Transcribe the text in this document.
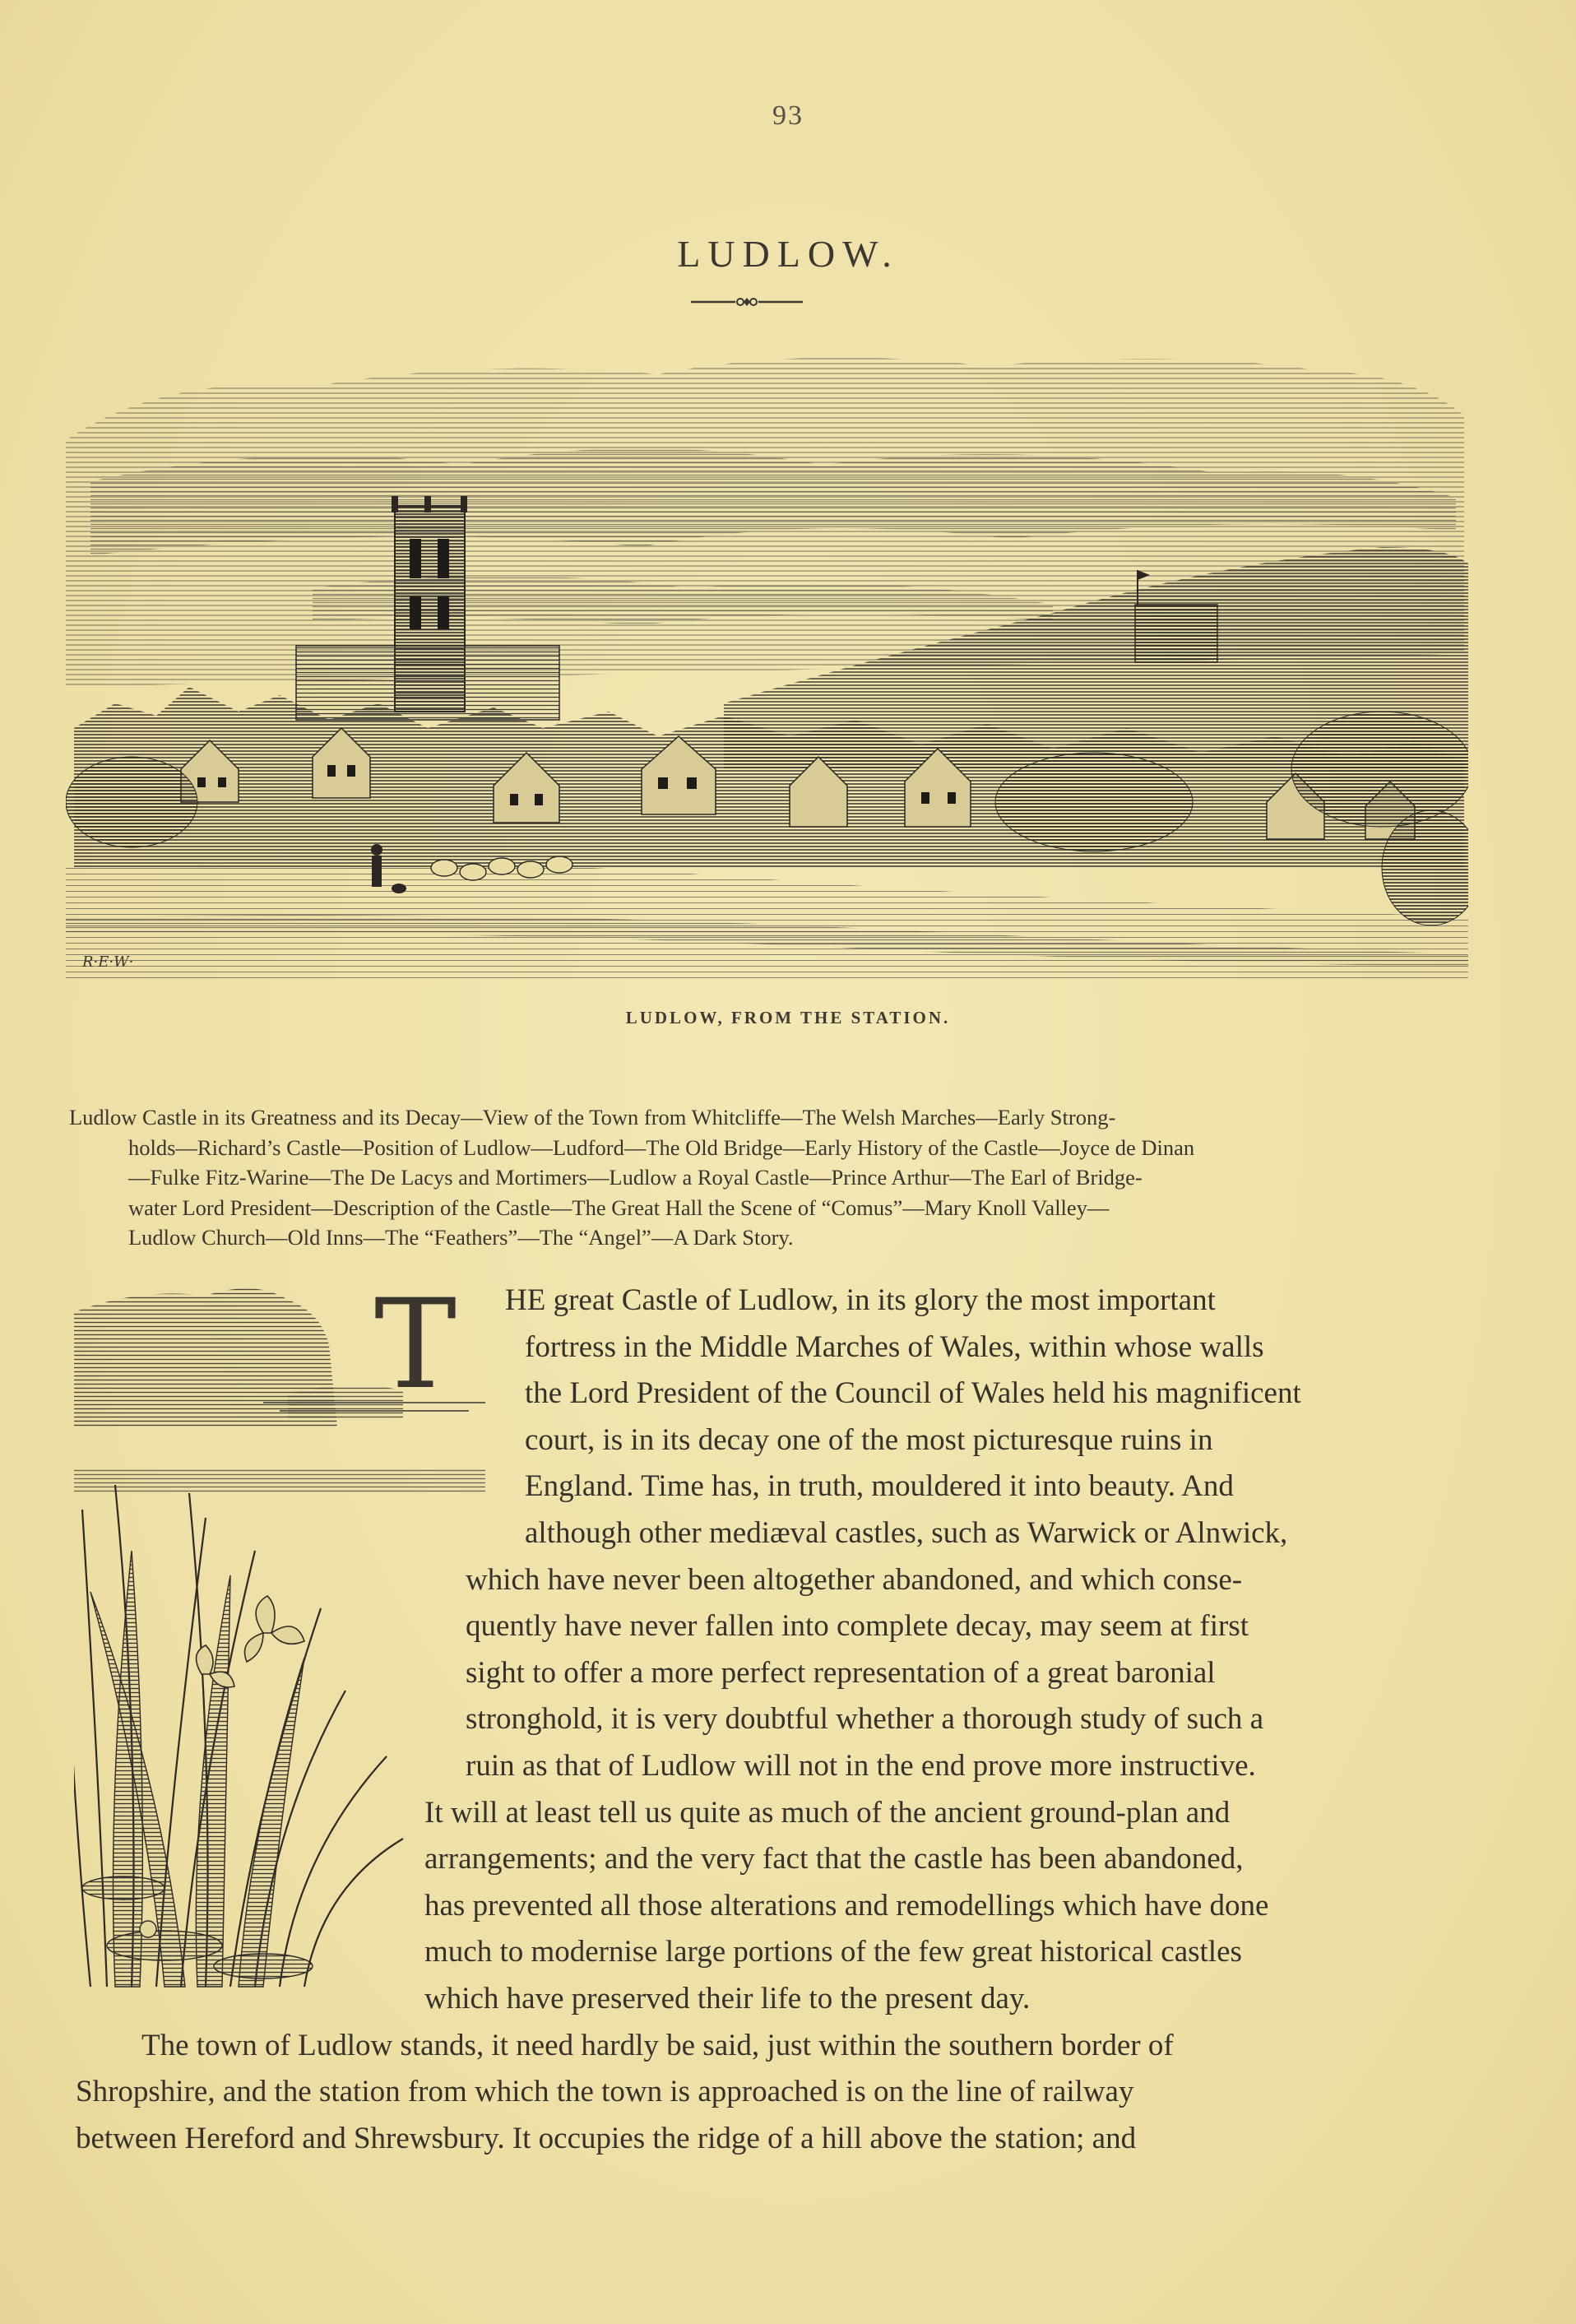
93
LUDLOW.
R·E·W·
LUDLOW, FROM THE STATION.
Ludlow Castle in its Greatness and its Decay—View of the Town from Whitcliffe—The Welsh Marches—Early Strong-
holds—Richard’s Castle—Position of Ludlow—Ludford—The Old Bridge—Early History of the Castle—Joyce de Dinan
—Fulke Fitz-Warine—The De Lacys and Mortimers—Ludlow a Royal Castle—Prince Arthur—The Earl of Bridge-
water Lord President—Description of the Castle—The Great Hall the Scene of “Comus”—Mary Knoll Valley—
Ludlow Church—Old Inns—The “Feathers”—The “Angel”—A Dark Story.
T HE great Castle of Ludlow, in its glory the most important
fortress in the Middle Marches of Wales, within whose walls
the Lord President of the Council of Wales held his magnificent
court, is in its decay one of the most picturesque ruins in
England. Time has, in truth, mouldered it into beauty. And
although other mediæval castles, such as Warwick or Alnwick,
which have never been altogether abandoned, and which conse-
quently have never fallen into complete decay, may seem at first
sight to offer a more perfect representation of a great baronial
stronghold, it is very doubtful whether a thorough study of such a
ruin as that of Ludlow will not in the end prove more instructive.
It will at least tell us quite as much of the ancient ground-plan and
arrangements; and the very fact that the castle has been abandoned,
has prevented all those alterations and remodellings which have done
much to modernise large portions of the few great historical castles
which have preserved their life to the present day.
The town of Ludlow stands, it need hardly be said, just within the southern border of
Shropshire, and the station from which the town is approached is on the line of railway
between Hereford and Shrewsbury. It occupies the ridge of a hill above the station; and
